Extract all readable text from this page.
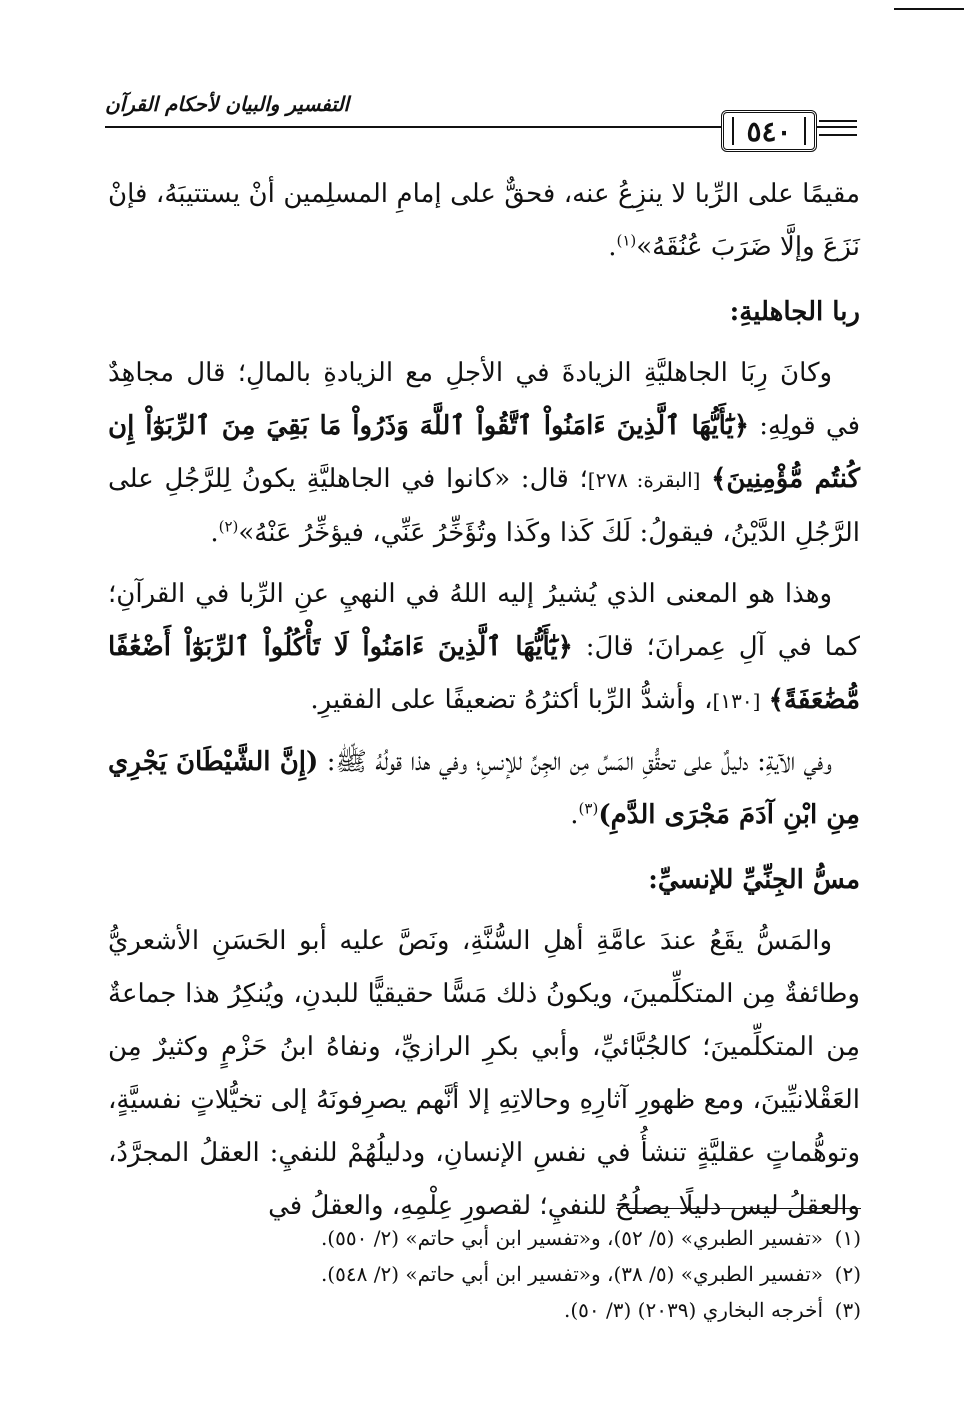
التفسير والبيان لأحكام القرآن
٥٤٠

مقيمًا على الرِّبا لا ينزِعُ عنه، فحقٌّ على إمامِ المسلِمين أنْ يستتيبَهُ، فإنْ نَزَعَ وإلَّا ضَرَبَ عُنُقَهُ»$^{(١)}$.

ربا الجاهليةِ:

وكانَ رِبَا الجاهليَّةِ الزيادةَ في الأجلِ مع الزيادةِ بالمالِ؛ قال مجاهِدٌ في قولِهِ: ﴿يَٰٓأَيُّهَا ٱلَّذِينَ ءَامَنُواْ ٱتَّقُواْ ٱللَّهَ وَذَرُواْ مَا بَقِيَ مِنَ ٱلرِّبَوٰٓاْ إِن كُنتُم مُّؤْمِنِينَ﴾ [البقرة: ٢٧٨]؛ قال: «كانوا في الجاهليَّةِ يكونُ لِلرَّجُلِ على الرَّجُلِ الدَّيْنُ، فيقولُ: لَكَ كَذا وكَذا وتُؤَخِّرُ عَنِّي، فيؤخِّرُ عَنْهُ»$^{(٢)}$.

وهذا هو المعنى الذي يُشيرُ إليه اللهُ في النهيِ عنِ الرِّبا في القرآنِ؛ كما في آلِ عِمرانَ؛ قالَ: ﴿يَٰٓأَيُّهَا ٱلَّذِينَ ءَامَنُواْ لَا تَأْكُلُواْ ٱلرِّبَوٰٓاْ أَضْعَٰفًا مُّضَٰعَفَةً﴾ [١٣٠]، وأشدُّ الرِّبا أكثرُهُ تضعيفًا على الفقيرِ.

وفي الآيةِ: دليلٌ على تحقُّقِ المَسِّ مِن الجِنِّ للإنسِ؛ وفي هذا قولُهُ ﷺ: (إِنَّ الشَّيْطَانَ يَجْرِي مِنِ ابْنِ آدَمَ مَجْرَى الدَّمِ)$^{(٣)}$.

مسُّ الجِنِّيِّ للإنسيِّ:

والمَسُّ يقَعُ عندَ عامَّةِ أهلِ السُّنَّةِ، ونَصَّ عليه أبو الحَسَنِ الأشعريُّ وطائفةٌ مِن المتكلِّمينَ، ويكونُ ذلك مَسًّا حقيقيًّا للبدنِ، ويُنكِرُ هذا جماعةٌ مِن المتكلِّمينَ؛ كالجُبَّائيِّ، وأبي بكرِ الرازيِّ، ونفاهُ ابنُ حَزْمٍ وكثيرٌ مِن العَقْلانيِّينَ، ومع ظهورِ آثارِهِ وحالاتِهِ إلا أنَّهم يصرِفونَهُ إلى تخيُّلاتٍ نفسيَّةٍ، وتوهُّماتٍ عقليَّةٍ تنشأُ في نفسِ الإنسانِ، ودليلُهُمْ للنفيِ: العقلُ المجرَّدُ، والعقلُ ليس دليلًا يصلُحُ للنفيِ؛ لقصورِ عِلْمِهِ، والعقلُ في

(١)«تفسير الطبري» (٥/ ٥٢)، و«تفسير ابن أبي حاتم» (٢/ ٥٥٠).
(٢)«تفسير الطبري» (٥/ ٣٨)، و«تفسير ابن أبي حاتم» (٢/ ٥٤٨).
(٣)أخرجه البخاري (٢٠٣٩) (٣/ ٥٠).
